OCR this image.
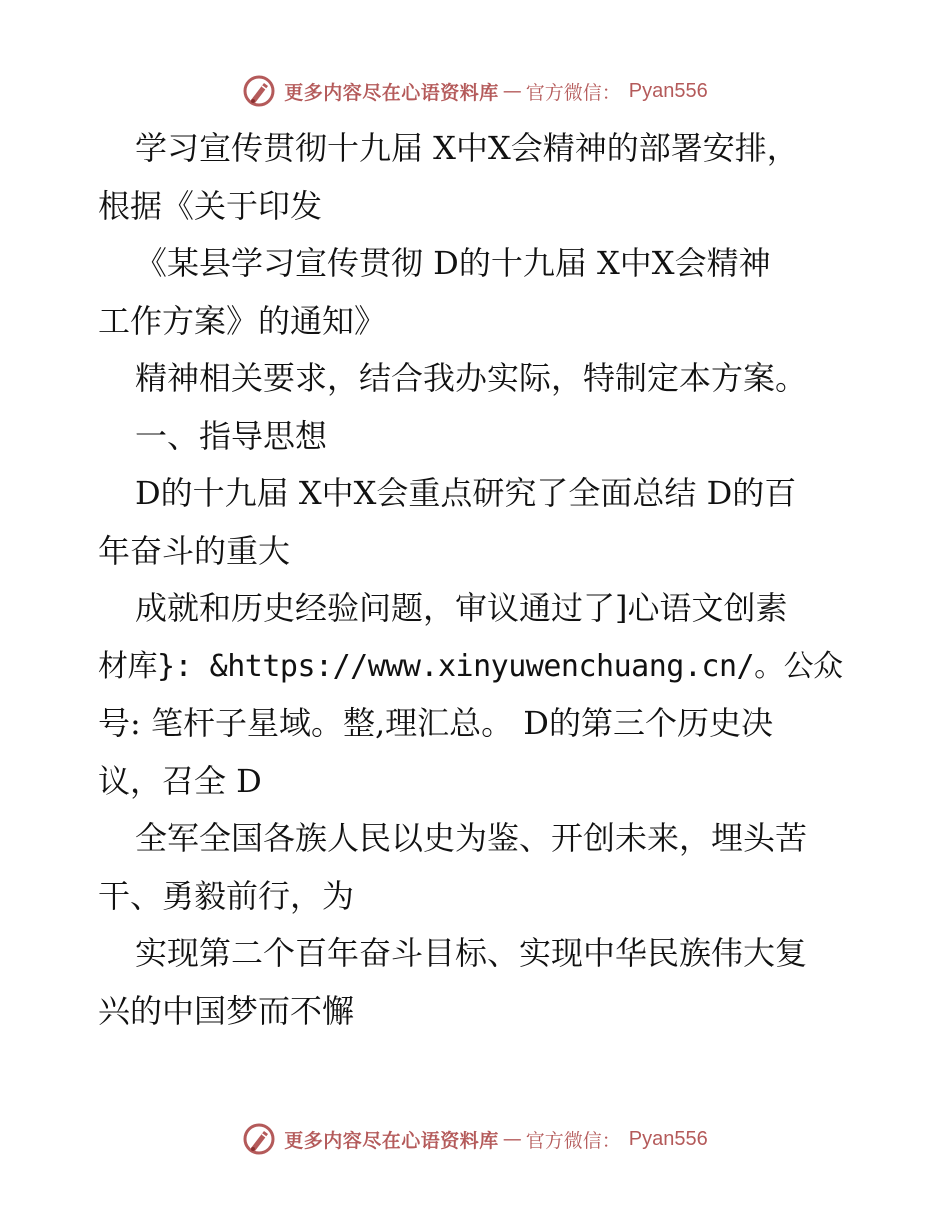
更多内容尽在心语资料库 — 官方微信： Pyan556
学习宣传贯彻十九届 X中X会精神的部署安排，
根据《关于印发
《某县学习宣传贯彻 D的十九届 X中X会精神
工作方案》的通知》
精神相关要求，结合我办实际，特制定本方案。
一、指导思想
D的十九届 X中X会重点研究了全面总结 D的百
年奋斗的重大
成就和历史经验问题，审议通过了]心语文创素
材库}: &https://www.xinyuwenchuang.cn/。公众
号: 笔杆子星域。整,理汇总。 D的第三个历史决
议，召全 D
全军全国各族人民以史为鉴、开创未来，埋头苦
干、勇毅前行，为
实现第二个百年奋斗目标、实现中华民族伟大复
兴的中国梦而不懈
更多内容尽在心语资料库 — 官方微信： Pyan556
